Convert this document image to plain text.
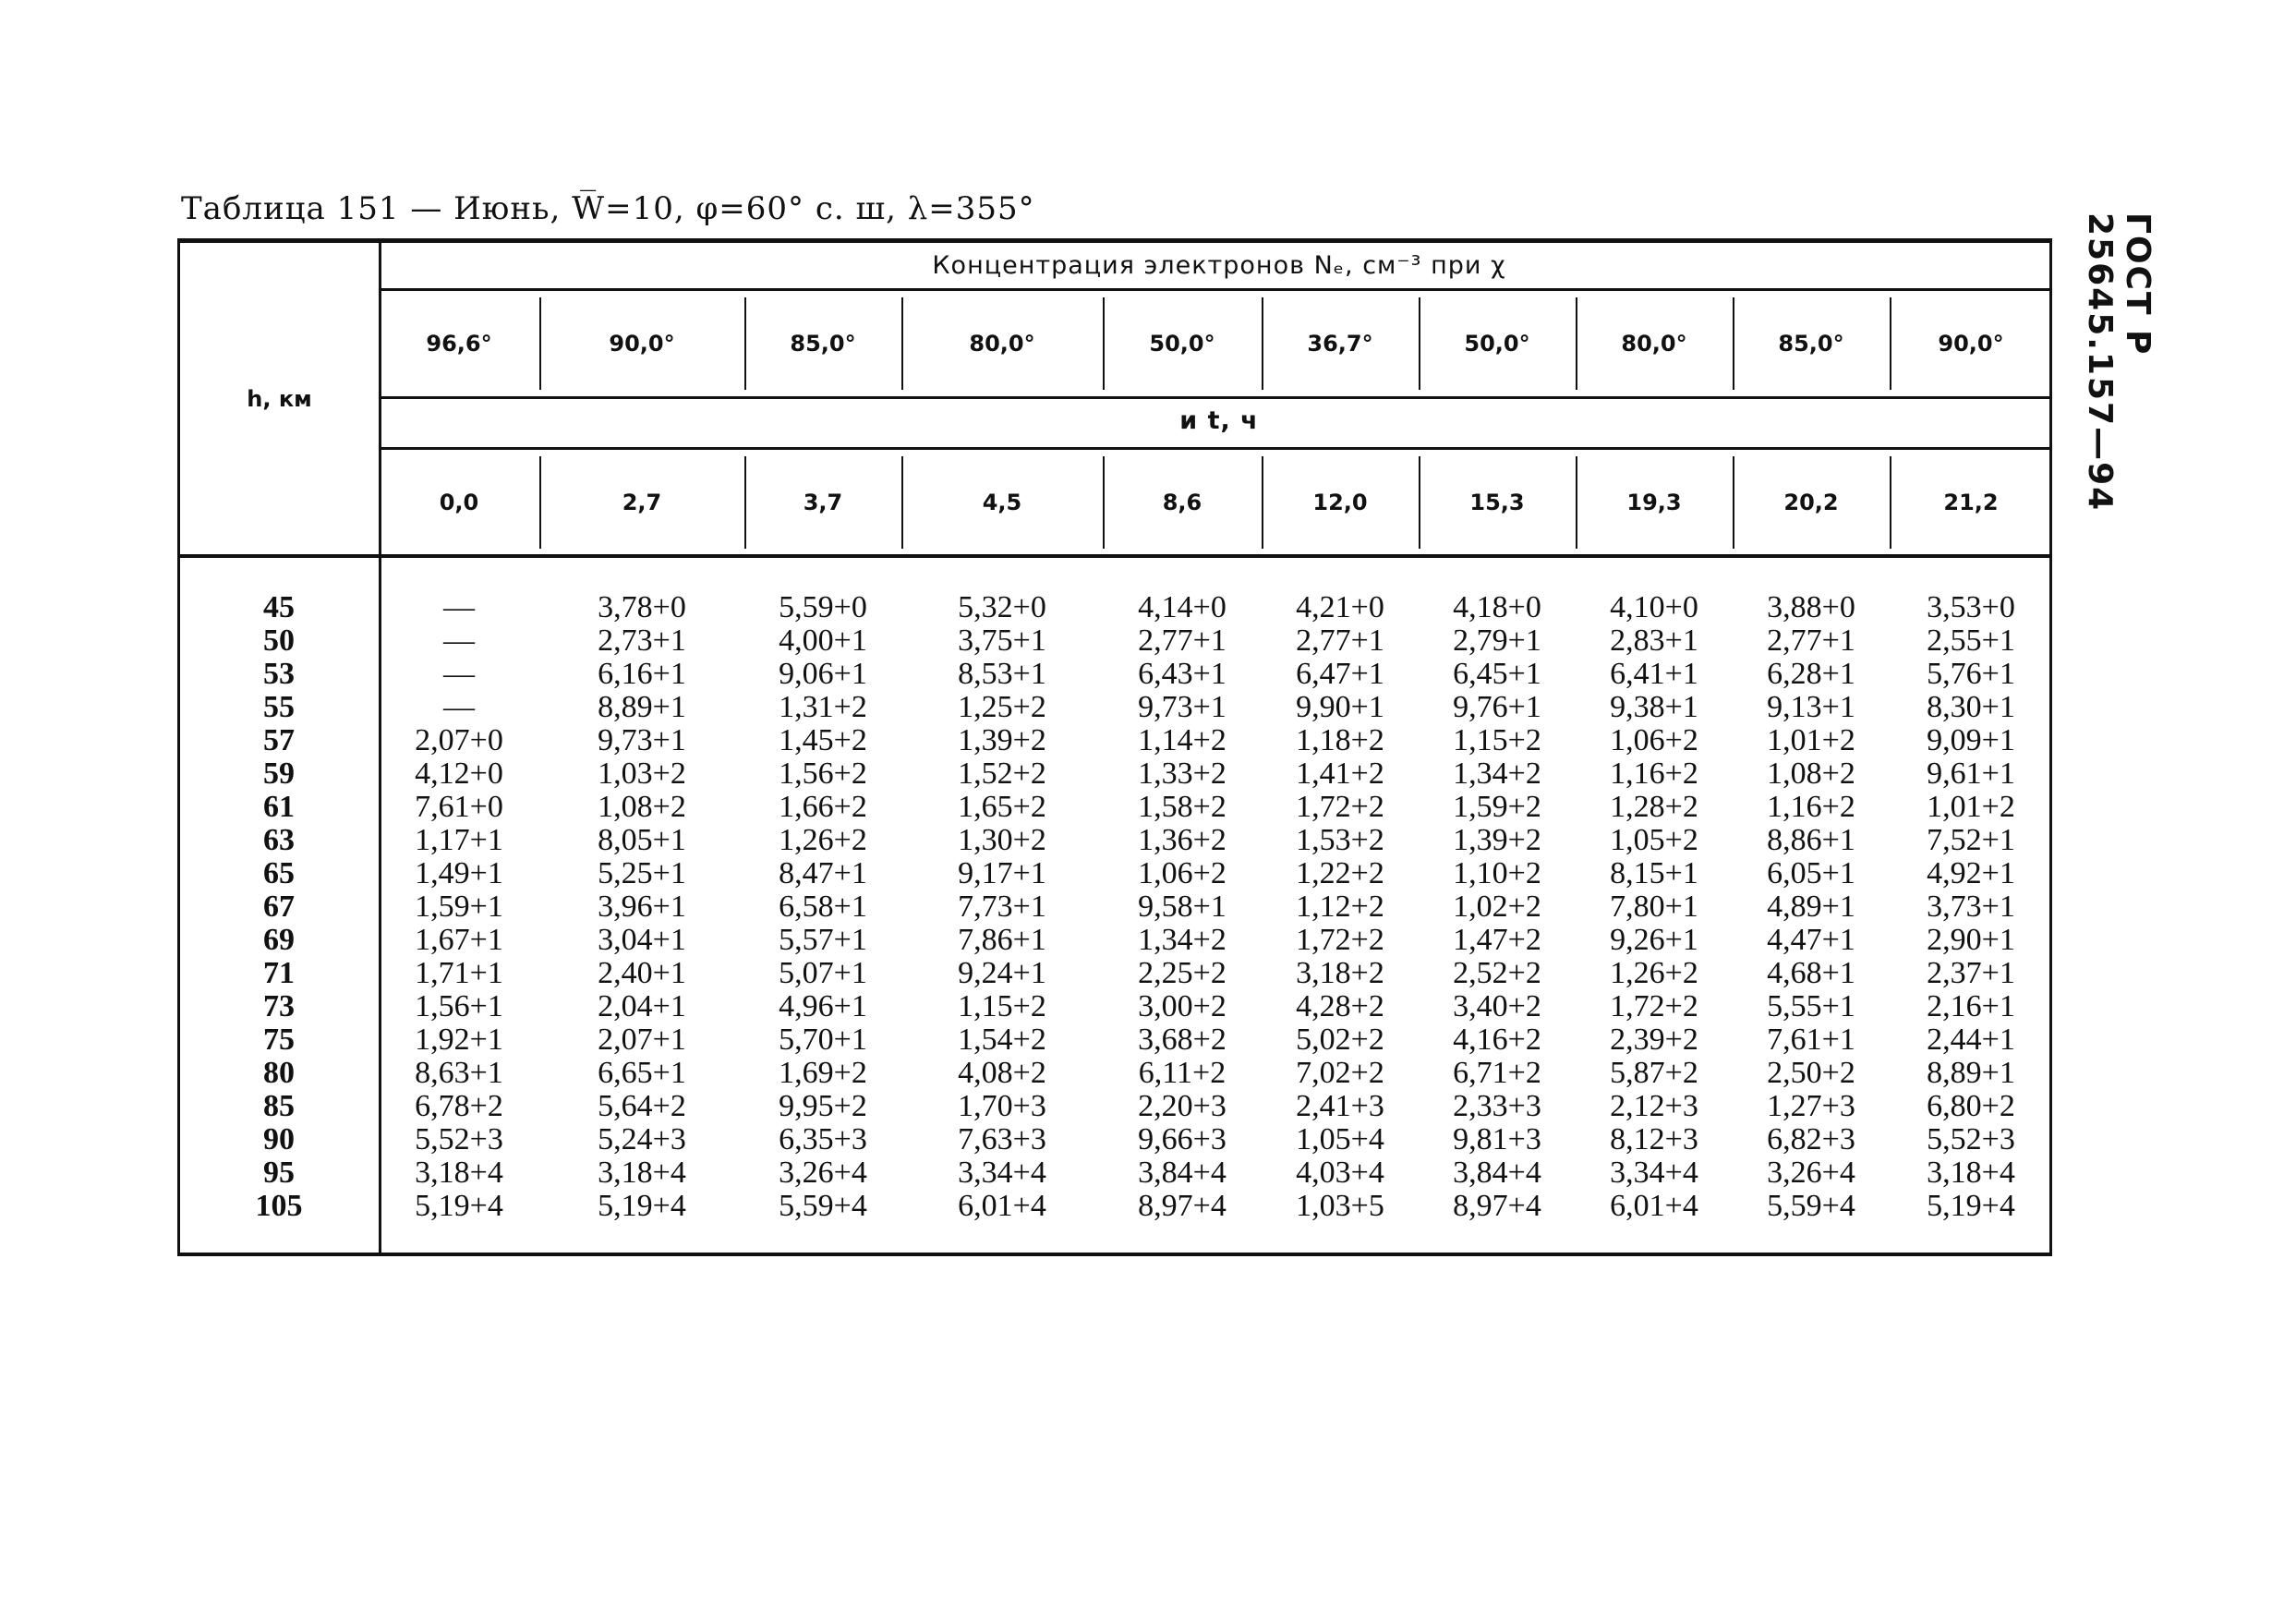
Таблица 151 — Июнь, W̅=10, φ=60° с. ш, λ=355°
ГОСТ Р 25645.157—94
h, км
Концентрация электронов Nₑ, см⁻³ при χ
и t, ч
96,6°	90,0°	85,0°	80,0°	50,0°	36,7°	50,0°	80,0°	85,0°	90,0°
0,0	2,7	3,7	4,5	8,6	12,0	15,3	19,3	20,2	21,2
45	—	3,78+0	5,59+0	5,32+0	4,14+0	4,21+0	4,18+0	4,10+0	3,88+0	3,53+0
50	—	2,73+1	4,00+1	3,75+1	2,77+1	2,77+1	2,79+1	2,83+1	2,77+1	2,55+1
53	—	6,16+1	9,06+1	8,53+1	6,43+1	6,47+1	6,45+1	6,41+1	6,28+1	5,76+1
55	—	8,89+1	1,31+2	1,25+2	9,73+1	9,90+1	9,76+1	9,38+1	9,13+1	8,30+1
57	2,07+0	9,73+1	1,45+2	1,39+2	1,14+2	1,18+2	1,15+2	1,06+2	1,01+2	9,09+1
59	4,12+0	1,03+2	1,56+2	1,52+2	1,33+2	1,41+2	1,34+2	1,16+2	1,08+2	9,61+1
61	7,61+0	1,08+2	1,66+2	1,65+2	1,58+2	1,72+2	1,59+2	1,28+2	1,16+2	1,01+2
63	1,17+1	8,05+1	1,26+2	1,30+2	1,36+2	1,53+2	1,39+2	1,05+2	8,86+1	7,52+1
65	1,49+1	5,25+1	8,47+1	9,17+1	1,06+2	1,22+2	1,10+2	8,15+1	6,05+1	4,92+1
67	1,59+1	3,96+1	6,58+1	7,73+1	9,58+1	1,12+2	1,02+2	7,80+1	4,89+1	3,73+1
69	1,67+1	3,04+1	5,57+1	7,86+1	1,34+2	1,72+2	1,47+2	9,26+1	4,47+1	2,90+1
71	1,71+1	2,40+1	5,07+1	9,24+1	2,25+2	3,18+2	2,52+2	1,26+2	4,68+1	2,37+1
73	1,56+1	2,04+1	4,96+1	1,15+2	3,00+2	4,28+2	3,40+2	1,72+2	5,55+1	2,16+1
75	1,92+1	2,07+1	5,70+1	1,54+2	3,68+2	5,02+2	4,16+2	2,39+2	7,61+1	2,44+1
80	8,63+1	6,65+1	1,69+2	4,08+2	6,11+2	7,02+2	6,71+2	5,87+2	2,50+2	8,89+1
85	6,78+2	5,64+2	9,95+2	1,70+3	2,20+3	2,41+3	2,33+3	2,12+3	1,27+3	6,80+2
90	5,52+3	5,24+3	6,35+3	7,63+3	9,66+3	1,05+4	9,81+3	8,12+3	6,82+3	5,52+3
95	3,18+4	3,18+4	3,26+4	3,34+4	3,84+4	4,03+4	3,84+4	3,34+4	3,26+4	3,18+4
105	5,19+4	5,19+4	5,59+4	6,01+4	8,97+4	1,03+5	8,97+4	6,01+4	5,59+4	5,19+4
